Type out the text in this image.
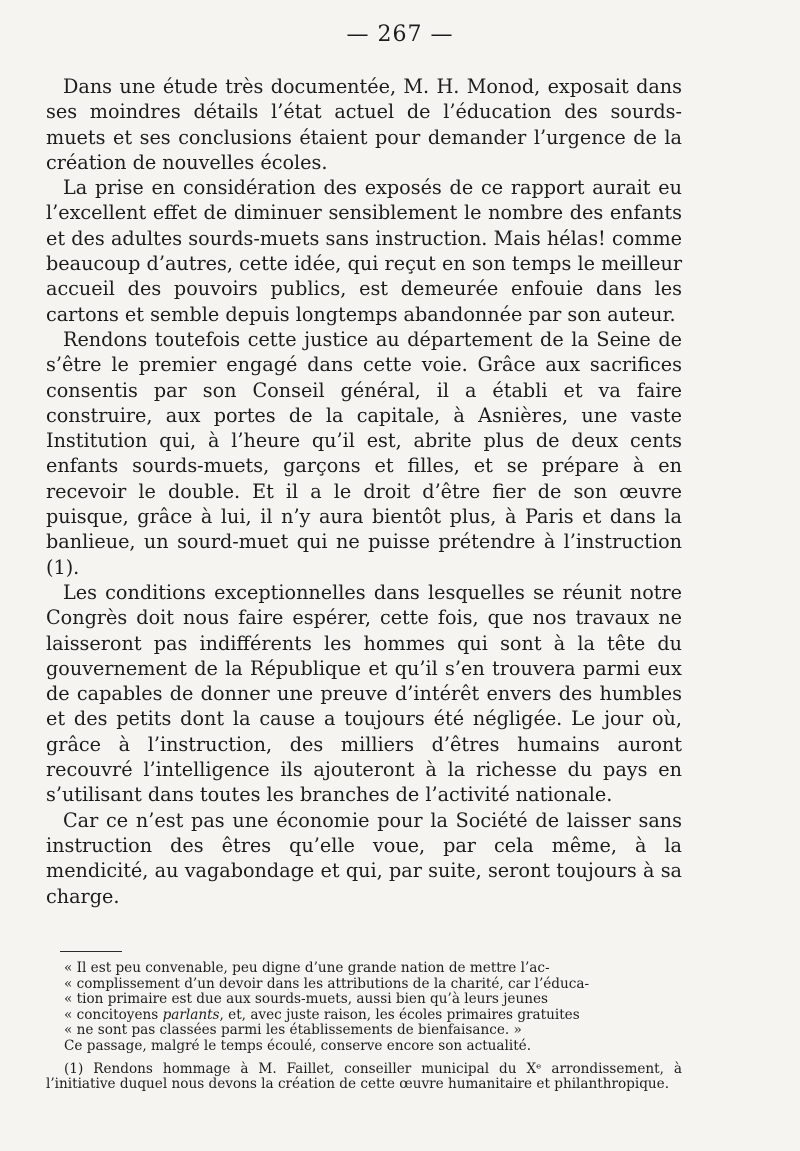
— 267 —

Dans une étude très documentée, M. H. Monod, exposait dans ses moindres détails l’état actuel de l’éducation des sourds-muets et ses conclusions étaient pour demander l’urgence de la création de nouvelles écoles.

La prise en considération des exposés de ce rapport aurait eu l’excellent effet de diminuer sensiblement le nombre des enfants et des adultes sourds-muets sans instruction. Mais hélas! comme beaucoup d’autres, cette idée, qui reçut en son temps le meilleur accueil des pouvoirs publics, est demeurée enfouie dans les cartons et semble depuis longtemps abandonnée par son auteur.

Rendons toutefois cette justice au département de la Seine de s’être le premier engagé dans cette voie. Grâce aux sacrifices consentis par son Conseil général, il a établi et va faire construire, aux portes de la capitale, à Asnières, une vaste Institution qui, à l’heure qu’il est, abrite plus de deux cents enfants sourds-muets, garçons et filles, et se prépare à en recevoir le double. Et il a le droit d’être fier de son œuvre puisque, grâce à lui, il n’y aura bientôt plus, à Paris et dans la banlieue, un sourd-muet qui ne puisse prétendre à l’instruction (1).

Les conditions exceptionnelles dans lesquelles se réunit notre Congrès doit nous faire espérer, cette fois, que nos travaux ne laisseront pas indifférents les hommes qui sont à la tête du gouvernement de la République et qu’il s’en trouvera parmi eux de capables de donner une preuve d’intérêt envers des humbles et des petits dont la cause a toujours été négligée. Le jour où, grâce à l’instruction, des milliers d’êtres humains auront recouvré l’intelligence ils ajouteront à la richesse du pays en s’utilisant dans toutes les branches de l’activité nationale.

Car ce n’est pas une économie pour la Société de laisser sans instruction des êtres qu’elle voue, par cela même, à la mendicité, au vagabondage et qui, par suite, seront toujours à sa charge.

« Il est peu convenable, peu digne d’une grande nation de mettre l’ac-

« complissement d’un devoir dans les attributions de la charité, car l’éduca-

« tion primaire est due aux sourds-muets, aussi bien qu’à leurs jeunes

« concitoyens parlants, et, avec juste raison, les écoles primaires gratuites

« ne sont pas classées parmi les établissements de bienfaisance. »

Ce passage, malgré le temps écoulé, conserve encore son actualité.

(1) Rendons hommage à M. Faillet, conseiller municipal du Xᵉ arrondissement, à l’initiative duquel nous devons la création de cette œuvre humanitaire et philanthropique.
